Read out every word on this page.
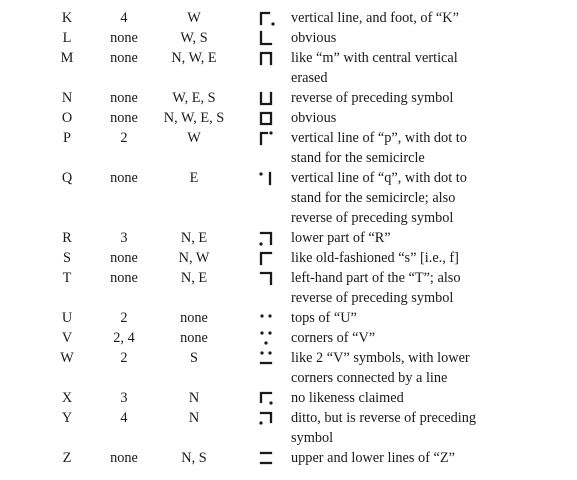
K	4	W	vertical line, and foot, of “K”
L	none	W, S	obvious
M	none	N, W, E	like “m” with central vertical
erased
N	none	W, E, S	reverse of preceding symbol
O	none	N, W, E, S	obvious
P	2	W	vertical line of “p”, with dot to
stand for the semicircle
Q	none	E	vertical line of “q”, with dot to
stand for the semicircle; also
reverse of preceding symbol
R	3	N, E	lower part of “R”
S	none	N, W	like old-fashioned “s” [i.e., f]
T	none	N, E	left-hand part of the “T”; also
reverse of preceding symbol
U	2	none	tops of “U”
V	2, 4	none	corners of “V”
W	2	S	like 2 “V” symbols, with lower
corners connected by a line
X	3	N	no likeness claimed
Y	4	N	ditto, but is reverse of preceding
symbol
Z	none	N, S	upper and lower lines of “Z”
